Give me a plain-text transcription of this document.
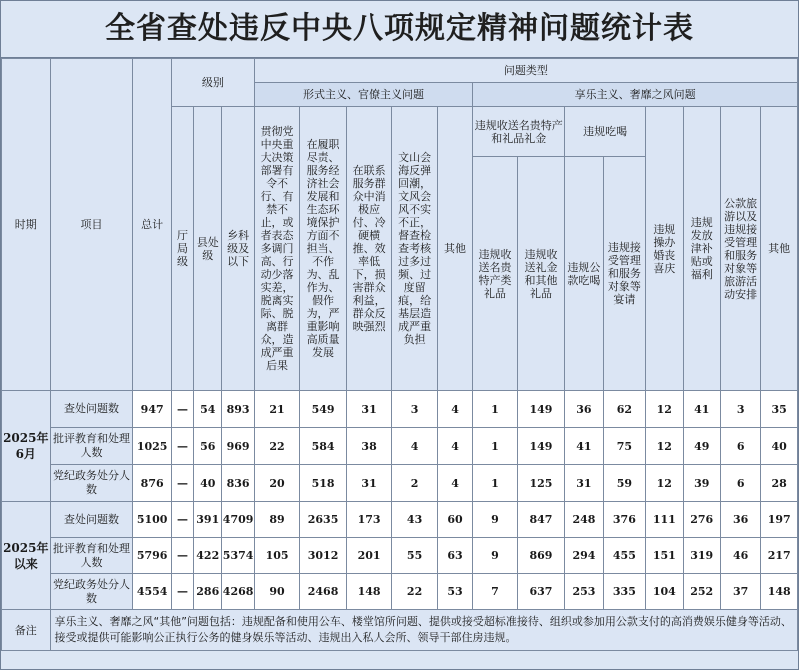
全省查处违反中央八项规定精神问题统计表
时期	项目	总计	级别			问题类型												
						形式主义、官僚主义问题					享乐主义、奢靡之风问题							
			厅局级	县处级	乡科级及以下	贯彻党中央重大决策部署有令不行、有禁不止，或者表态多调门高、行动少落实差，脱离实际、脱离群众，造成严重后果	在履职尽责、服务经济社会发展和生态环境保护方面不担当、不作为、乱作为、假作为，严重影响高质量发展	在联系服务群众中消极应付、冷硬横推、效率低下，损害群众利益，群众反映强烈	文山会海反弹回潮，文风会风不实不正，督查检查考核过多过频、过度留痕，给基层造成严重负担	其他	违规收送名贵特产和礼品礼金		违规吃喝		违规操办婚丧喜庆	违规发放津补贴或福利	公款旅游以及违规接受管理和服务对象等旅游活动安排	其他
											违规收送名贵特产类礼品	违规收送礼金和其他礼品	违规公款吃喝	违规接受管理和服务对象等宴请				
2025年6月	查处问题数	947	—	54	893	21	549	31	3	4	1	149	36	62	12	41	3	35
	批评教育和处理人数	1025	—	56	969	22	584	38	4	4	1	149	41	75	12	49	6	40
	党纪政务处分人数	876	—	40	836	20	518	31	2	4	1	125	31	59	12	39	6	28
2025年以来	查处问题数	5100	—	391	4709	89	2635	173	43	60	9	847	248	376	111	276	36	197
	批评教育和处理人数	5796	—	422	5374	105	3012	201	55	63	9	869	294	455	151	319	46	217
	党纪政务处分人数	4554	—	286	4268	90	2468	148	22	53	7	637	253	335	104	252	37	148
备注	享乐主义、奢靡之风“其他”问题包括：违规配备和使用公车、楼堂馆所问题、提供或接受超标准接待、组织或参加用公款支付的高消费娱乐健身等活动、接受或提供可能影响公正执行公务的健身娱乐等活动、违规出入私人会所、领导干部住房违规。																	
